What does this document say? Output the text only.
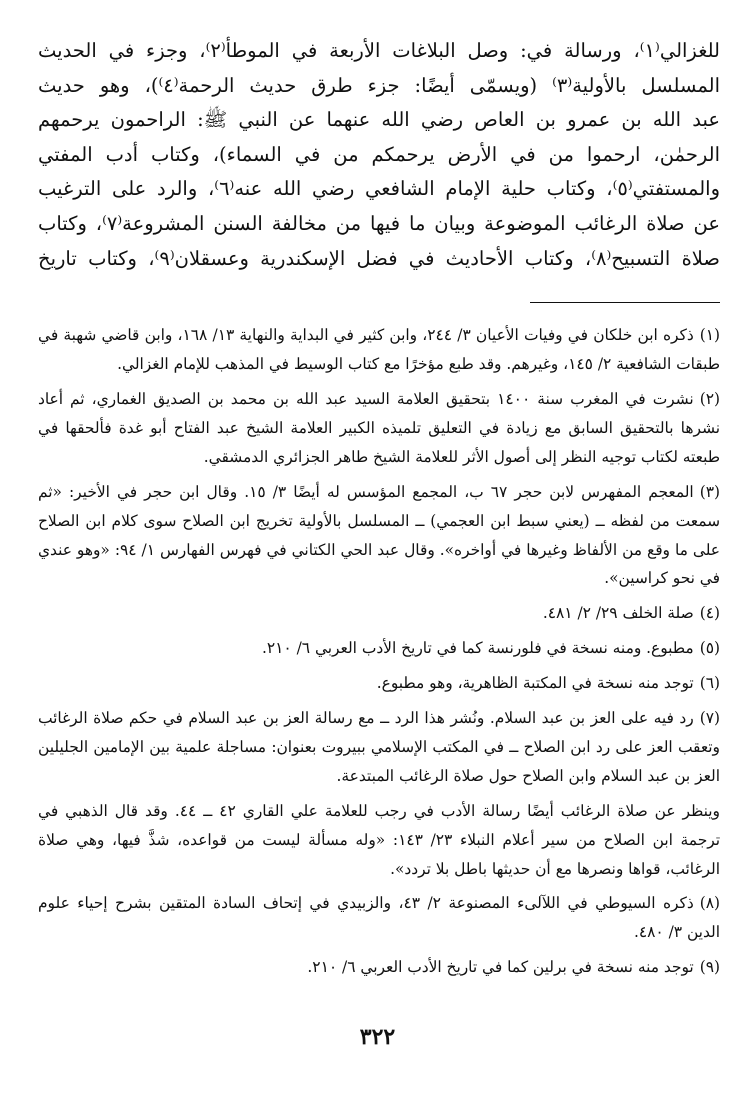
للغزالي⁽١⁾، ورسالة في: وصل البلاغات الأربعة في الموطأ⁽٢⁾، وجزء في الحديث

المسلسل بالأولية⁽٣⁾ (ويسمّى أيضًا: جزء طرق حديث الرحمة⁽٤⁾)، وهو حديث

عبد الله بن عمرو بن العاص رضي الله عنهما عن النبي ﷺ: الراحمون يرحمهم

الرحمٰن، ارحموا من في الأرض يرحمكم من في السماء)، وكتاب أدب المفتي

والمستفتي⁽٥⁾، وكتاب حلية الإمام الشافعي رضي الله عنه⁽٦⁾، والرد على الترغيب

عن صلاة الرغائب الموضوعة وبيان ما فيها من مخالفة السنن المشروعة⁽٧⁾، وكتاب

صلاة التسبيح⁽٨⁾، وكتاب الأحاديث في فضل الإسكندرية وعسقلان⁽٩⁾، وكتاب تاريخ

(١)ذكره ابن خلكان في وفيات الأعيان ٣/ ٢٤٤، وابن كثير في البداية والنهاية ١٣/ ١٦٨، وابن قاضي شهبة في طبقات الشافعية ٢/ ١٤٥، وغيرهم. وقد طبع مؤخرًا مع كتاب الوسيط في المذهب للإمام الغزالي.

(٢)نشرت في المغرب سنة ١٤٠٠ بتحقيق العلامة السيد عبد الله بن محمد بن الصديق الغماري، ثم أعاد نشرها بالتحقيق السابق مع زيادة في التعليق تلميذه الكبير العلامة الشيخ عبد الفتاح أبو غدة فألحقها في طبعته لكتاب توجيه النظر إلى أصول الأثر للعلامة الشيخ طاهر الجزائري الدمشقي.

(٣)المعجم المفهرس لابن حجر ٦٧ ب، المجمع المؤسس له أيضًا ٣/ ١٥. وقال ابن حجر في الأخير: «ثم سمعت من لفظه ــ (يعني سبط ابن العجمي) ــ المسلسل بالأولية تخريج ابن الصلاح سوى كلام ابن الصلاح على ما وقع من الألفاظ وغيرها في أواخره». وقال عبد الحي الكتاني في فهرس الفهارس ١/ ٩٤: «وهو عندي في نحو كراسين».

(٤)صلة الخلف ٢٩/ ٢/ ٤٨١.

(٥)مطبوع. ومنه نسخة في فلورنسة كما في تاريخ الأدب العربي ٦/ ٢١٠.

(٦)توجد منه نسخة في المكتبة الظاهرية، وهو مطبوع.

(٧)رد فيه على العز بن عبد السلام. ونُشر هذا الرد ــ مع رسالة العز بن عبد السلام في حكم صلاة الرغائب وتعقب العز على رد ابن الصلاح ــ في المكتب الإسلامي ببيروت بعنوان: مساجلة علمية بين الإمامين الجليلين العز بن عبد السلام وابن الصلاح حول صلاة الرغائب المبتدعة.

وينظر عن صلاة الرغائب أيضًا رسالة الأدب في رجب للعلامة علي القاري ٤٢ ــ ٤٤. وقد قال الذهبي في ترجمة ابن الصلاح من سير أعلام النبلاء ٢٣/ ١٤٣: «وله مسألة ليست من قواعده، شذَّ فيها، وهي صلاة الرغائب، قواها ونصرها مع أن حديثها باطل بلا تردد».

(٨)ذكره السيوطي في اللآلىء المصنوعة ٢/ ٤٣، والزبيدي في إتحاف السادة المتقين بشرح إحياء علوم الدين ٣/ ٤٨٠.

(٩)توجد منه نسخة في برلين كما في تاريخ الأدب العربي ٦/ ٢١٠.

٣٢٢
